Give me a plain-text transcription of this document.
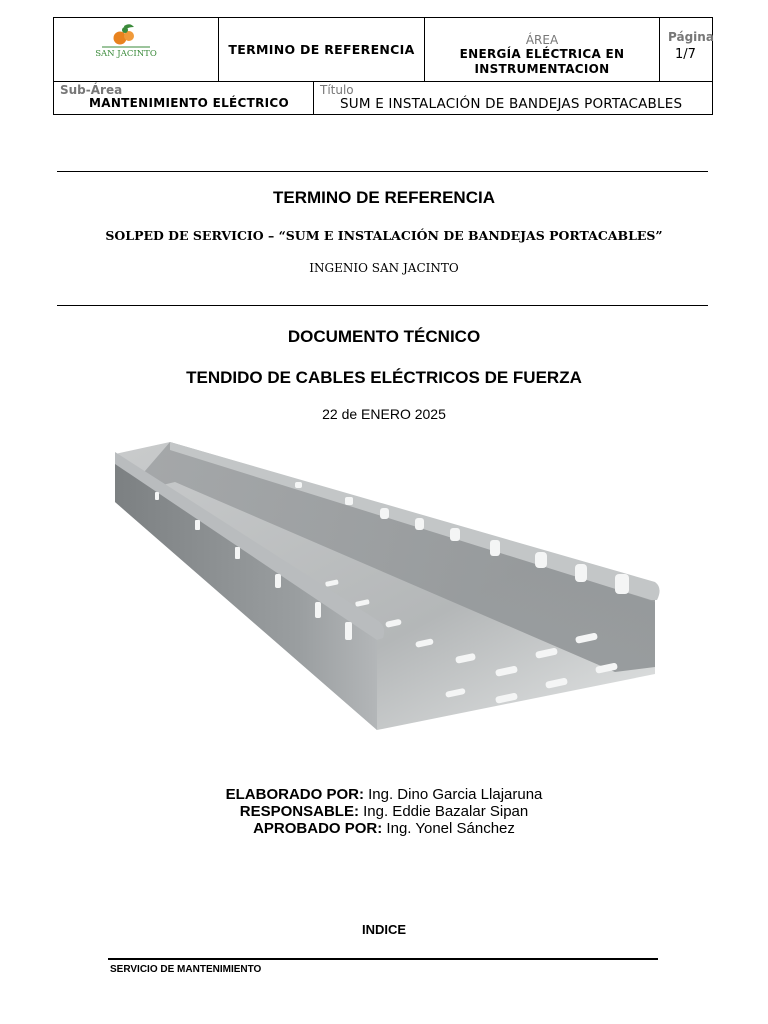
SAN JACINTO	TERMINO DE REFERENCIA
ÁREA
ENERGÍA ELÉCTRICA EN
INSTRUMENTACION
Página
1/7
Sub-Área
MANTENIMIENTO ELÉCTRICO
Título
SUM E INSTALACIÓN DE BANDEJAS PORTACABLES
TERMINO DE REFERENCIA
SOLPED DE SERVICIO – “SUM E INSTALACIÓN DE BANDEJAS PORTACABLES”
INGENIO SAN JACINTO
DOCUMENTO TÉCNICO
TENDIDO DE CABLES ELÉCTRICOS DE FUERZA
22 de ENERO 2025
ELABORADO POR: Ing. Dino Garcia Llajaruna
RESPONSABLE: Ing. Eddie Bazalar Sipan
APROBADO POR: Ing. Yonel Sánchez
INDICE
SERVICIO DE MANTENIMIENTO
